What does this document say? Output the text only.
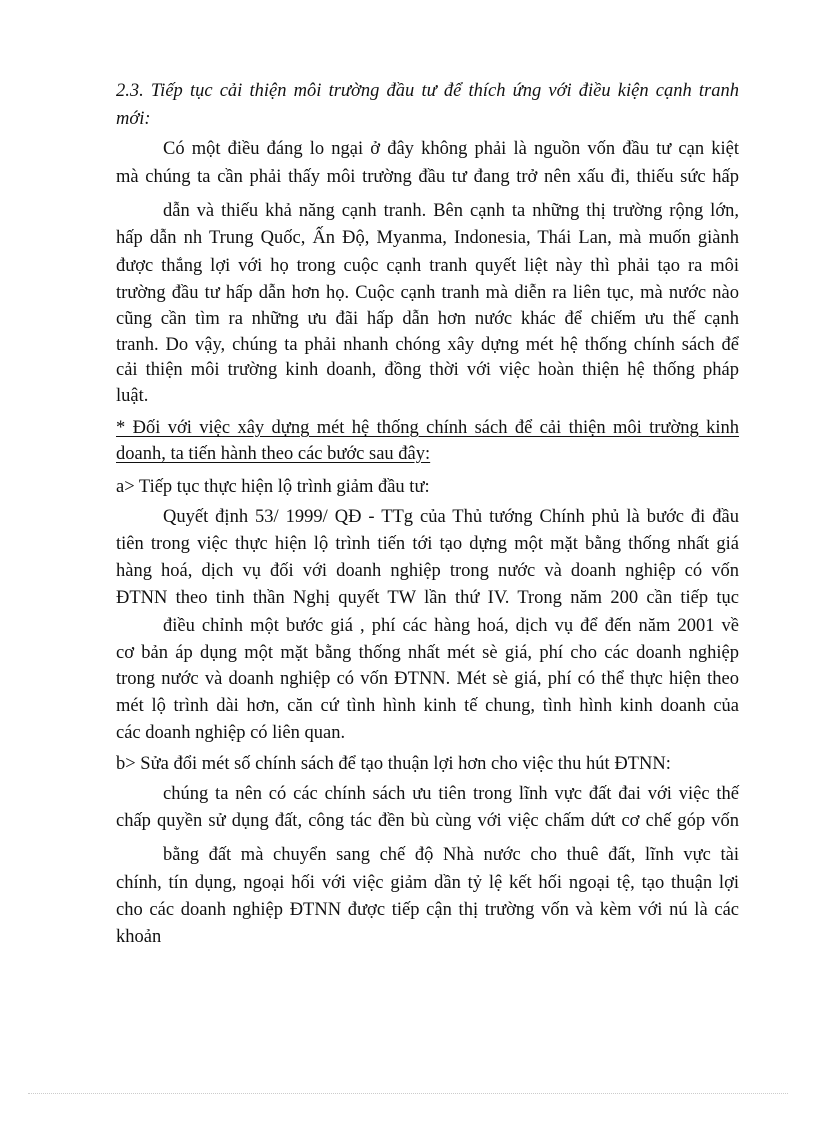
2.3. Tiếp tục cải thiện môi trường đầu tư để thích ứng với điều kiện cạnh tranh
mới:
Có một điều đáng lo ngại ở đây không phải là nguồn vốn đầu tư cạn kiệt
mà chúng ta cần phải thấy môi trường đầu tư đang trở nên xấu đi, thiếu sức hấp
dẫn và thiếu khả năng cạnh tranh. Bên cạnh ta những thị trường rộng lớn,
hấp dẫn nh Trung Quốc, Ấn Độ, Myanma, Indonesia, Thái Lan, mà muốn giành
được thắng lợi với họ trong cuộc cạnh tranh quyết liệt này thì phải tạo ra môi
trường đầu tư hấp dẫn hơn họ. Cuộc cạnh tranh mà diễn ra liên tục, mà nước nào
cũng cần tìm ra những ưu đãi hấp dẫn hơn nước khác để chiếm ưu thế cạnh
tranh. Do vậy, chúng ta phải nhanh chóng xây dựng mét hệ thống chính sách để
cải thiện môi trường kinh doanh, đồng thời với việc hoàn thiện hệ thống pháp
luật.
* Đối với việc xây dựng mét hệ thống chính sách để cải thiện môi trường kinh
doanh, ta tiến hành theo các bước sau đây:
a> Tiếp tục thực hiện lộ trình giảm đầu tư:
Quyết định 53/ 1999/ QĐ - TTg của Thủ tướng Chính phủ là bước đi đầu
tiên trong việc thực hiện lộ trình tiến tới tạo dựng một mặt bằng thống nhất giá
hàng hoá, dịch vụ đối với doanh nghiệp trong nước và doanh nghiệp có vốn
ĐTNN theo tinh thần Nghị quyết TW lần thứ IV. Trong năm 200 cần tiếp tục
điều chỉnh một bước giá , phí các hàng hoá, dịch vụ để đến năm 2001 về
cơ bản áp dụng một mặt bằng thống nhất mét sè giá, phí cho các doanh nghiệp
trong nước và doanh nghiệp có vốn ĐTNN. Mét sè giá, phí có thể thực hiện theo
mét lộ trình dài hơn, căn cứ tình hình kinh tế chung, tình hình kinh doanh của
các doanh nghiệp có liên quan.
b> Sửa đổi mét số chính sách để tạo thuận lợi hơn cho việc thu hút ĐTNN:
chúng ta nên có các chính sách ưu tiên trong lĩnh vực đất đai với việc thế
chấp quyền sử dụng đất, công tác đền bù cùng với việc chấm dứt cơ chế góp vốn
bằng đất mà chuyển sang chế độ Nhà nước cho thuê đất, lĩnh vực tài
chính, tín dụng, ngoại hối với việc giảm dần tỷ lệ kết hối ngoại tệ, tạo thuận lợi
cho các doanh nghiệp ĐTNN được tiếp cận thị trường vốn và kèm với nú là các
khoản
